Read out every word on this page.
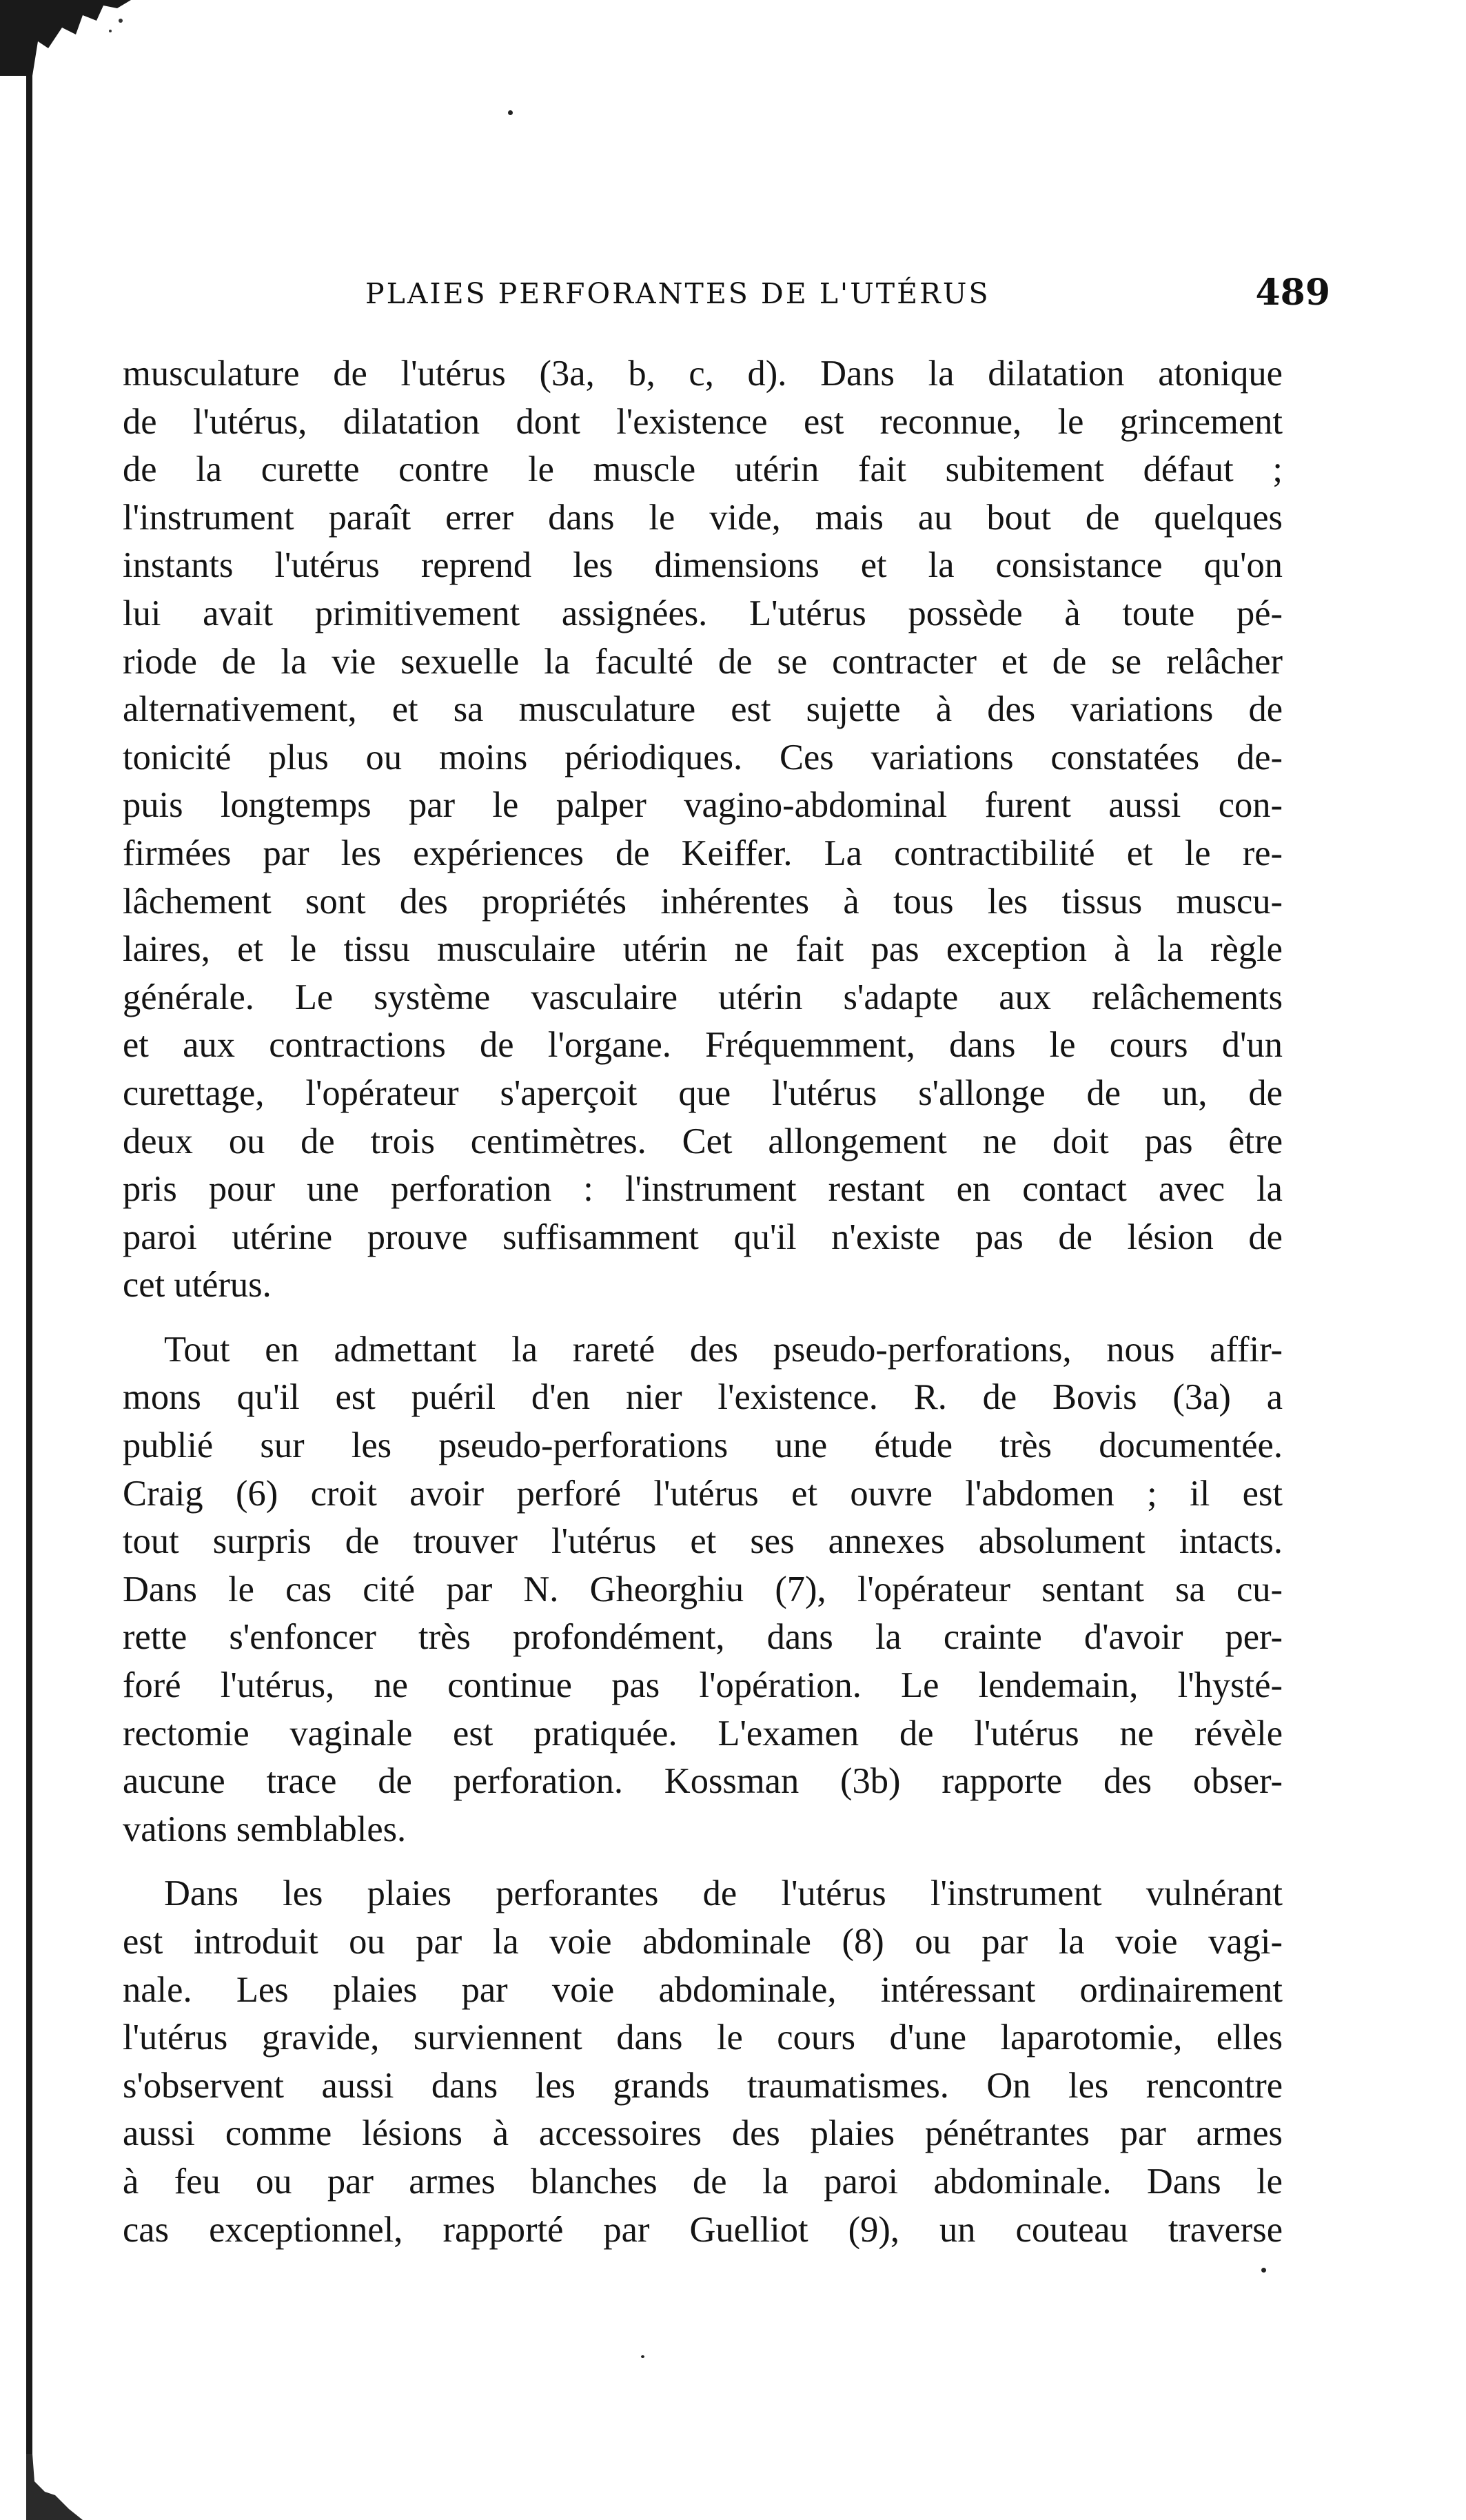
PLAIES PERFORANTES DE L'UTÉRUS	489

musculature de l'utérus (3a, b, c, d). Dans la dilatation atonique
de l'utérus, dilatation dont l'existence est reconnue, le grincement
de la curette contre le muscle utérin fait subitement défaut ;
l'instrument paraît errer dans le vide, mais au bout de quelques
instants l'utérus reprend les dimensions et la consistance qu'on
lui avait primitivement assignées. L'utérus possède à toute pé-
riode de la vie sexuelle la faculté de se contracter et de se relâcher
alternativement, et sa musculature est sujette à des variations de
tonicité plus ou moins périodiques. Ces variations constatées de-
puis longtemps par le palper vagino-abdominal furent aussi con-
firmées par les expériences de Keiffer. La contractibilité et le re-
lâchement sont des propriétés inhérentes à tous les tissus muscu-
laires, et le tissu musculaire utérin ne fait pas exception à la règle
générale. Le système vasculaire utérin s'adapte aux relâchements
et aux contractions de l'organe. Fréquemment, dans le cours d'un
curettage, l'opérateur s'aperçoit que l'utérus s'allonge de un, de
deux ou de trois centimètres. Cet allongement ne doit pas être
pris pour une perforation : l'instrument restant en contact avec la
paroi utérine prouve suffisamment qu'il n'existe pas de lésion de
cet utérus.

Tout en admettant la rareté des pseudo-perforations, nous affir-
mons qu'il est puéril d'en nier l'existence. R. de Bovis (3a) a
publié sur les pseudo-perforations une étude très documentée.
Craig (6) croit avoir perforé l'utérus et ouvre l'abdomen ; il est
tout surpris de trouver l'utérus et ses annexes absolument intacts.
Dans le cas cité par N. Gheorghiu (7), l'opérateur sentant sa cu-
rette s'enfoncer très profondément, dans la crainte d'avoir per-
foré l'utérus, ne continue pas l'opération. Le lendemain, l'hysté-
rectomie vaginale est pratiquée. L'examen de l'utérus ne révèle
aucune trace de perforation. Kossman (3b) rapporte des obser-
vations semblables.

Dans les plaies perforantes de l'utérus l'instrument vulnérant
est introduit ou par la voie abdominale (8) ou par la voie vagi-
nale. Les plaies par voie abdominale, intéressant ordinairement
l'utérus gravide, surviennent dans le cours d'une laparotomie, elles
s'observent aussi dans les grands traumatismes. On les rencontre
aussi comme lésions à accessoires des plaies pénétrantes par armes
à feu ou par armes blanches de la paroi abdominale. Dans le
cas exceptionnel, rapporté par Guelliot (9), un couteau traverse
